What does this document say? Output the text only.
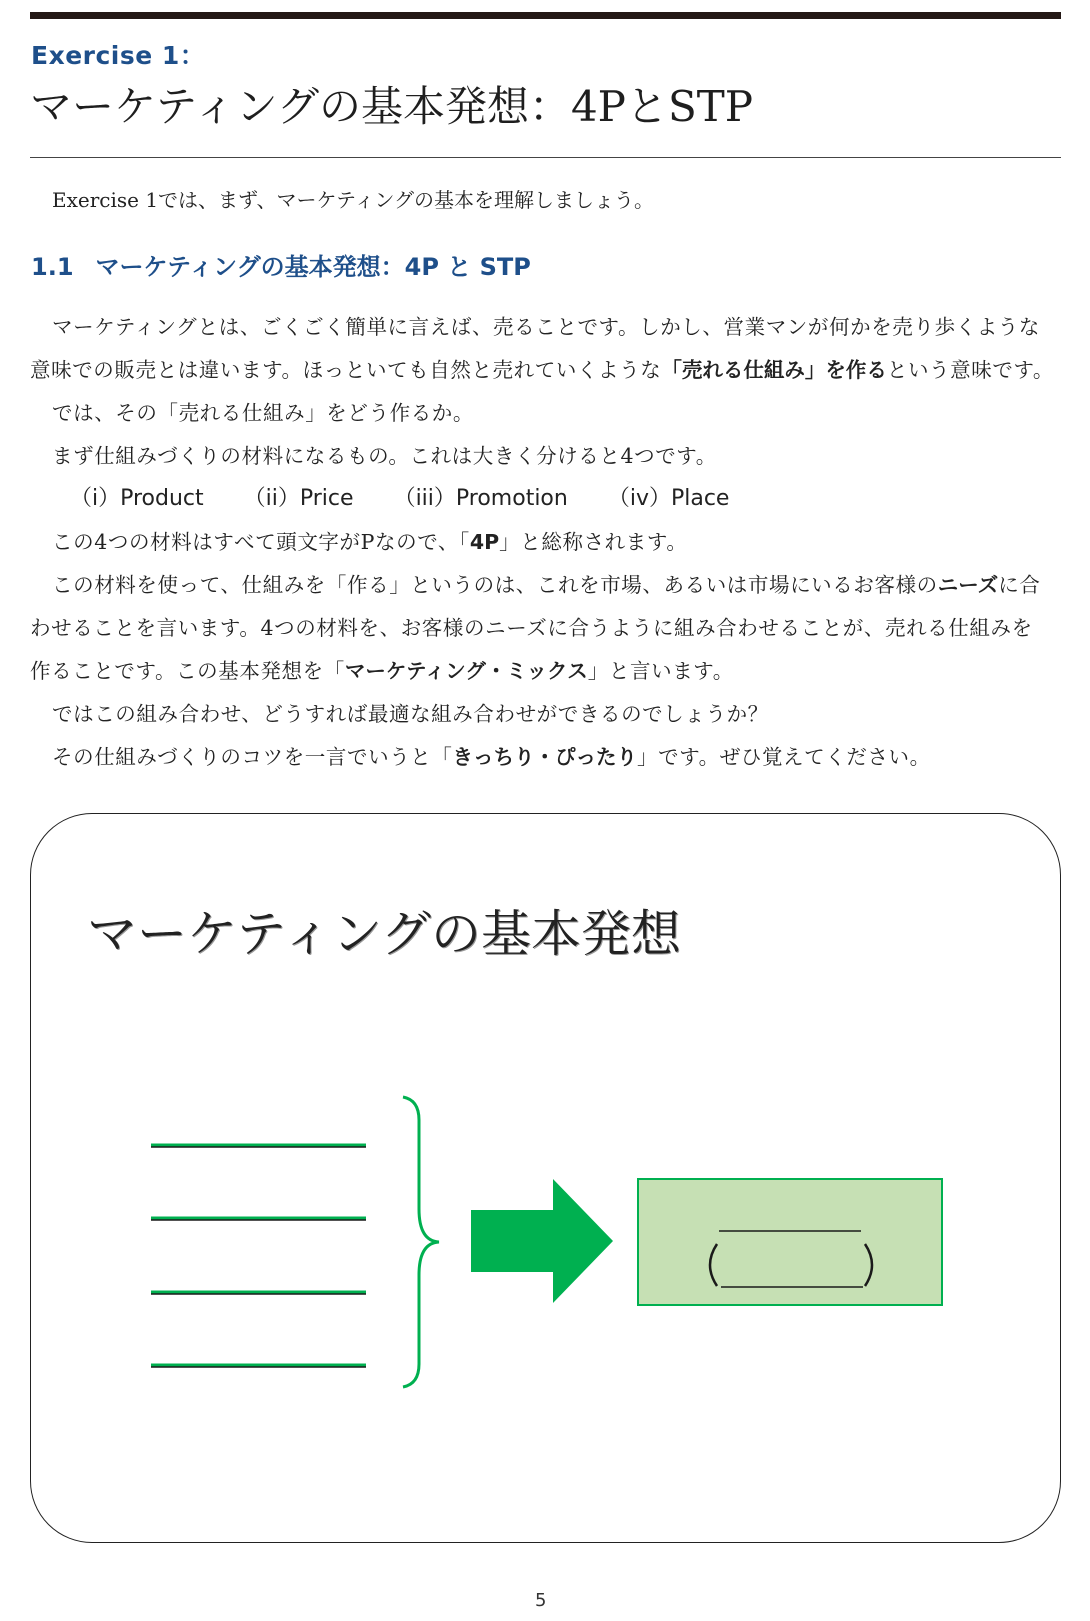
Exercise 1：
マーケティングの基本発想：4PとSTP
Exercise 1では、まず、マーケティングの基本を理解しましょう。
1.1 マーケティングの基本発想：4P と STP
マーケティングとは、ごくごく簡単に言えば、売ることです。しかし、営業マンが何かを売り歩くような
意味での販売とは違います。ほっといても自然と売れていくような「売れる仕組み」を作るという意味です。
では、その「売れる仕組み」をどう作るか。
まず仕組みづくりの材料になるもの。これは大きく分けると4つです。
（i）Product （ii）Price （iii）Promotion （iv）Place
この4つの材料はすべて頭文字がPなので、「4P」と総称されます。
この材料を使って、仕組みを「作る」というのは、これを市場、あるいは市場にいるお客様のニーズに合
わせることを言います。4つの材料を、お客様のニーズに合うように組み合わせることが、売れる仕組みを
作ることです。この基本発想を「マーケティング・ミックス」と言います。
ではこの組み合わせ、どうすれば最適な組み合わせができるのでしょうか？
その仕組みづくりのコツを一言でいうと「きっちり・ぴったり」です。ぜひ覚えてください。
マーケティングの基本発想
5
